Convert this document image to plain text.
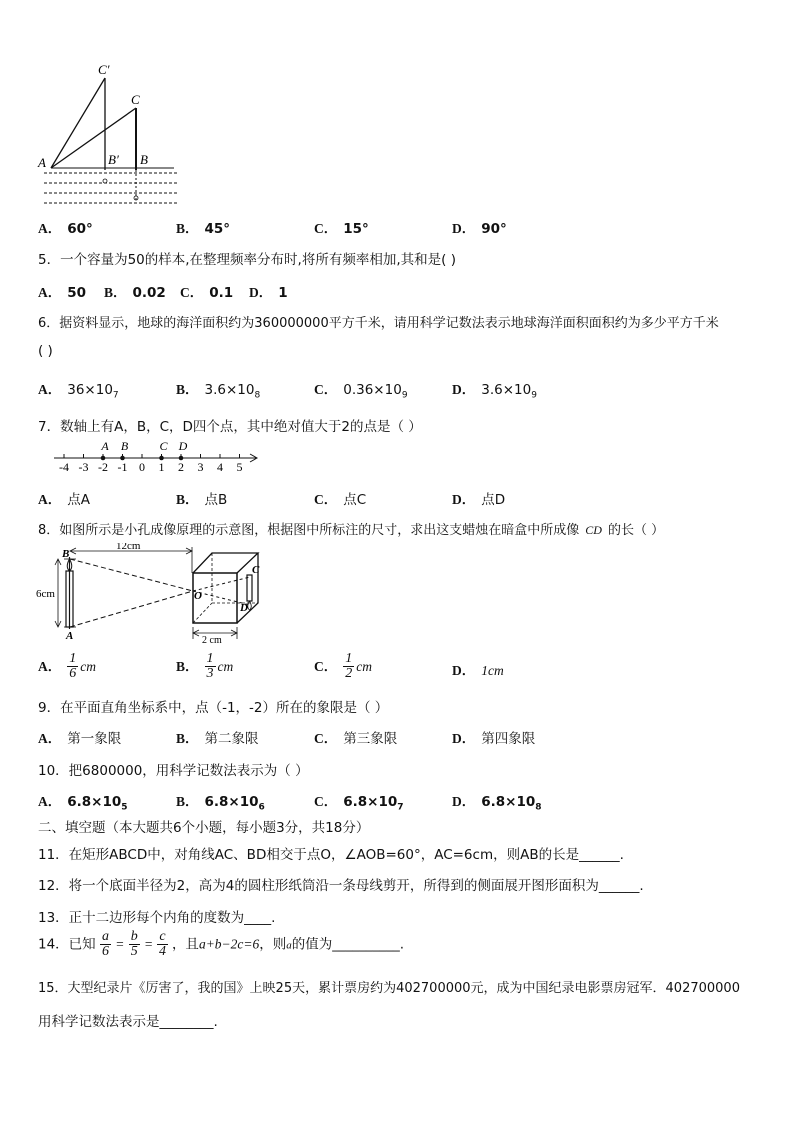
C′
C
A	B′ B
A． 60°	B． 45°	C． 15°	D． 90°
5．一个容量为50的样本,在整理频率分布时,将所有频率相加,其和是( )
A． 50 B． 0.02 C． 0.1 D． 1
6．据资料显示，地球的海洋面积约为360000000平方千米，请用科学记数法表示地球海洋面积面积约为多少平方千米
( )
A． $36\times 10_7$	B． $3.6\times 10_8$	C． $0.36\times 10_9$	D． $3.6\times 10_9$
7．数轴上有A，B，C，D四个点，其中绝对值大于2的点是（ ）
-4 -3 -2 -1 0 1 2 3 4 5
A B	C D
A． 点A	B． 点B	C． 点C	D． 点D
8．如图所示是小孔成像原理的示意图，根据图中所标注的尺寸，求出这支蜡烛在暗盒中所成像 CD 的长（ ）
B
A
6cm
12cm
O
C
D
2 cm
A． $\frac{1}{6}$ cm	B． $\frac{1}{3}$ cm	C． $\frac{1}{2}$ cm	D． 1cm
9．在平面直角坐标系中，点（-1，-2）所在的象限是（ ）
A． 第一象限	B． 第二象限	C． 第三象限	D． 第四象限
10．把6800000，用科学记数法表示为（ ）
A． $6.8\times 10_5$	B． $6.8\times 10_6$	C． $6.8\times 10_7$	D． $6.8\times 10_8$
二、填空题（本大题共6个小题，每小题3分，共18分）
11．在矩形ABCD中，对角线AC、BD相交于点O，∠AOB=60°，AC=6cm，则AB的长是______.
12．将一个底面半径为2，高为4的圆柱形纸筒沿一条母线剪开，所得到的侧面展开图形面积为______.
13．正十二边形每个内角的度数为____.
14．已知 $\frac{a}{6} = \frac{b}{5} = \frac{c}{4}$ ，且a+b−2c=6，则a的值为__________.
15．大型纪录片《厉害了，我的国》上映25天，累计票房约为402700000元，成为中国纪录电影票房冠军．402700000
用科学记数法表示是________.
